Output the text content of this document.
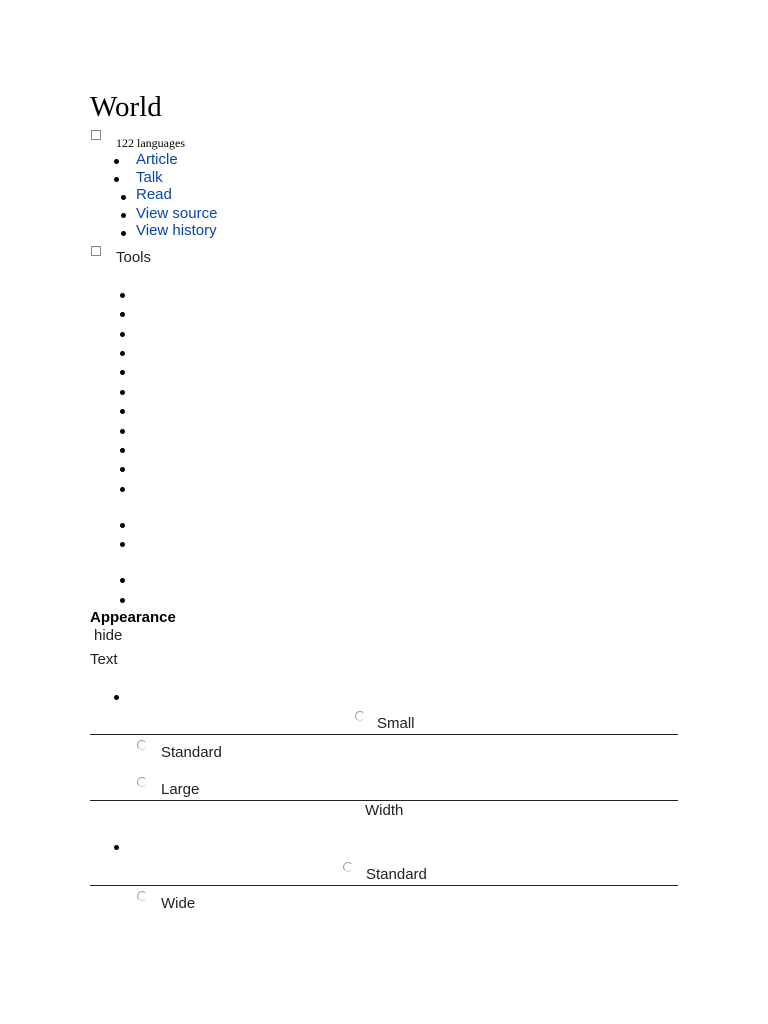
World
122 languages
Article
Talk
Read
View source
View history
Tools
Appearance
hide
Text
Small
Standard
Large
Width
Standard
Wide
